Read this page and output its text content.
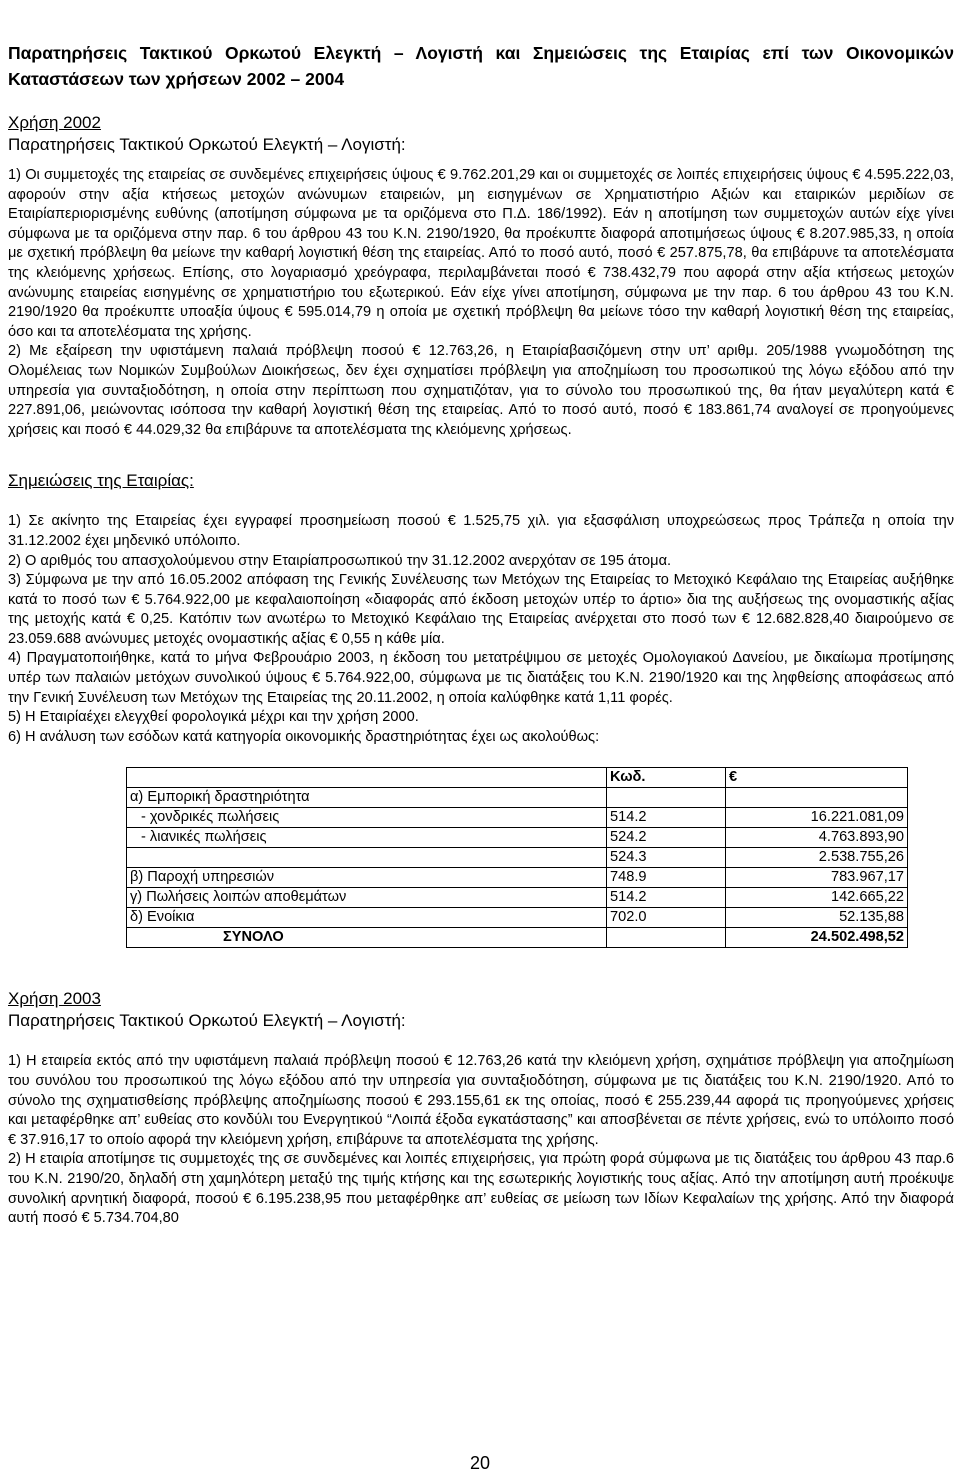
Παρατηρήσεις Τακτικού Ορκωτού Ελεγκτή – Λογιστή και Σημειώσεις της Εταιρίας επί των Οικονομικών Καταστάσεων των χρήσεων 2002 – 2004

Χρήση 2002

Παρατηρήσεις Τακτικού Ορκωτού Ελεγκτή – Λογιστή:

1) Οι συμμετοχές της εταιρείας σε συνδεμένες επιχειρήσεις ύψους € 9.762.201,29 και οι συμμετοχές σε λοιπές επιχειρήσεις ύψους € 4.595.222,03, αφορούν στην αξία κτήσεως μετοχών ανώνυμων εταιρειών, μη εισηγμένων σε Χρηματιστήριο Αξιών και εταιρικών μεριδίων σε Εταιρίαπεριορισμένης ευθύνης (αποτίμηση σύμφωνα με τα οριζόμενα στο Π.Δ. 186/1992). Εάν η αποτίμηση των συμμετοχών αυτών είχε γίνει σύμφωνα με τα οριζόμενα στην παρ. 6 του άρθρου 43 του Κ.Ν. 2190/1920, θα προέκυπτε διαφορά αποτιμήσεως ύψους € 8.207.985,33, η οποία με σχετική πρόβλεψη θα μείωνε την καθαρή λογιστική θέση της εταιρείας. Από το ποσό αυτό, ποσό € 257.875,78, θα επιβάρυνε τα αποτελέσματα της κλειόμενης χρήσεως. Επίσης, στο λογαριασμό χρεόγραφα, περιλαμβάνεται ποσό € 738.432,79 που αφορά στην αξία κτήσεως μετοχών ανώνυμης εταιρείας εισηγμένης σε χρηματιστήριο του εξωτερικού. Εάν είχε γίνει αποτίμηση, σύμφωνα με την παρ. 6 του άρθρου 43 του Κ.Ν. 2190/1920 θα προέκυπτε υποαξία ύψους € 595.014,79 η οποία με σχετική πρόβλεψη θα μείωνε τόσο την καθαρή λογιστική θέση της εταιρείας, όσο και τα αποτελέσματα της χρήσης.

2) Με εξαίρεση την υφιστάμενη παλαιά πρόβλεψη ποσού € 12.763,26, η Εταιρίαβασιζόμενη στην υπ’ αριθμ. 205/1988 γνωμοδότηση της Ολομέλειας των Νομικών Συμβούλων Διοικήσεως, δεν έχει σχηματίσει πρόβλεψη για αποζημίωση του προσωπικού της λόγω εξόδου από την υπηρεσία για συνταξιοδότηση, η οποία στην περίπτωση που σχηματιζόταν, για το σύνολο του προσωπικού της, θα ήταν μεγαλύτερη κατά € 227.891,06, μειώνοντας ισόποσα την καθαρή λογιστική θέση της εταιρείας. Από το ποσό αυτό, ποσό € 183.861,74 αναλογεί σε προηγούμενες χρήσεις και ποσό € 44.029,32 θα επιβάρυνε τα αποτελέσματα της κλειόμενης χρήσεως.

Σημειώσεις της Εταιρίας:

1) Σε ακίνητο της Εταιρείας έχει εγγραφεί προσημείωση ποσού € 1.525,75 χιλ. για εξασφάλιση υποχρεώσεως προς Τράπεζα η οποία την 31.12.2002 έχει μηδενικό υπόλοιπο.

2) Ο αριθμός του απασχολούμενου στην Εταιρίαπροσωπικού την 31.12.2002 ανερχόταν σε 195 άτομα.

3) Σύμφωνα με την από 16.05.2002 απόφαση της Γενικής Συνέλευσης των Μετόχων της Εταιρείας το Μετοχικό Κεφάλαιο της Εταιρείας αυξήθηκε κατά το ποσό των € 5.764.922,00 με κεφαλαιοποίηση «διαφοράς από έκδοση μετοχών υπέρ το άρτιο» δια της αυξήσεως της ονομαστικής αξίας της μετοχής κατά € 0,25. Κατόπιν των ανωτέρω το Μετοχικό Κεφάλαιο της Εταιρείας ανέρχεται στο ποσό των € 12.682.828,40 διαιρούμενο σε 23.059.688 ανώνυμες μετοχές ονομαστικής αξίας € 0,55 η κάθε μία.

4) Πραγματοποιήθηκε, κατά το μήνα Φεβρουάριο 2003, η έκδοση του μετατρέψιμου σε μετοχές Ομολογιακού Δανείου, με δικαίωμα προτίμησης υπέρ των παλαιών μετόχων συνολικού ύψους € 5.764.922,00, σύμφωνα με τις διατάξεις του Κ.Ν. 2190/1920 και της ληφθείσης αποφάσεως από την Γενική Συνέλευση των Μετόχων της Εταιρείας της 20.11.2002, η οποία καλύφθηκε κατά 1,11 φορές.

5) Η Εταιρίαέχει ελεγχθεί φορολογικά μέχρι και την χρήση 2000.

6) Η ανάλυση των εσόδων κατά κατηγορία οικονομικής δραστηριότητας έχει ως ακολούθως:

	Κωδ.	€
α) Εμπορική δραστηριότητα		
- χονδρικές πωλήσεις	514.2	16.221.081,09
- λιανικές πωλήσεις	524.2	4.763.893,90
	524.3	2.538.755,26
β) Παροχή υπηρεσιών	748.9	783.967,17
γ) Πωλήσεις λοιπών αποθεμάτων	514.2	142.665,22
δ) Ενοίκια	702.0	52.135,88
ΣΥΝΟΛΟ		24.502.498,52

Χρήση 2003

Παρατηρήσεις Τακτικού Ορκωτού Ελεγκτή – Λογιστή:

1) Η εταιρεία εκτός από την υφιστάμενη παλαιά πρόβλεψη ποσού € 12.763,26 κατά την κλειόμενη χρήση, σχημάτισε πρόβλεψη για αποζημίωση του συνόλου του προσωπικού της λόγω εξόδου από την υπηρεσία για συνταξιοδότηση, σύμφωνα με τις διατάξεις του Κ.Ν. 2190/1920. Από το σύνολο της σχηματισθείσης πρόβλεψης αποζημίωσης ποσού € 293.155,61 εκ της οποίας, ποσό € 255.239,44 αφορά τις προηγούμενες χρήσεις και μεταφέρθηκε απ’ ευθείας στο κονδύλι του Ενεργητικού “Λοιπά έξοδα εγκατάστασης” και αποσβένεται σε πέντε χρήσεις, ενώ το υπόλοιπο ποσό € 37.916,17 το οποίο αφορά την κλειόμενη χρήση, επιβάρυνε τα αποτελέσματα της χρήσης.

2) Η εταιρία αποτίμησε τις συμμετοχές της σε συνδεμένες και λοιπές επιχειρήσεις, για πρώτη φορά σύμφωνα με τις διατάξεις του άρθρου 43 παρ.6 του Κ.Ν. 2190/20, δηλαδή στη χαμηλότερη μεταξύ της τιμής κτήσης και της εσωτερικής λογιστικής τους αξίας. Από την αποτίμηση αυτή προέκυψε συνολική αρνητική διαφορά, ποσού € 6.195.238,95 που μεταφέρθηκε απ’ ευθείας σε μείωση των Ιδίων Κεφαλαίων της χρήσης. Από την διαφορά αυτή ποσό € 5.734.704,80

20
